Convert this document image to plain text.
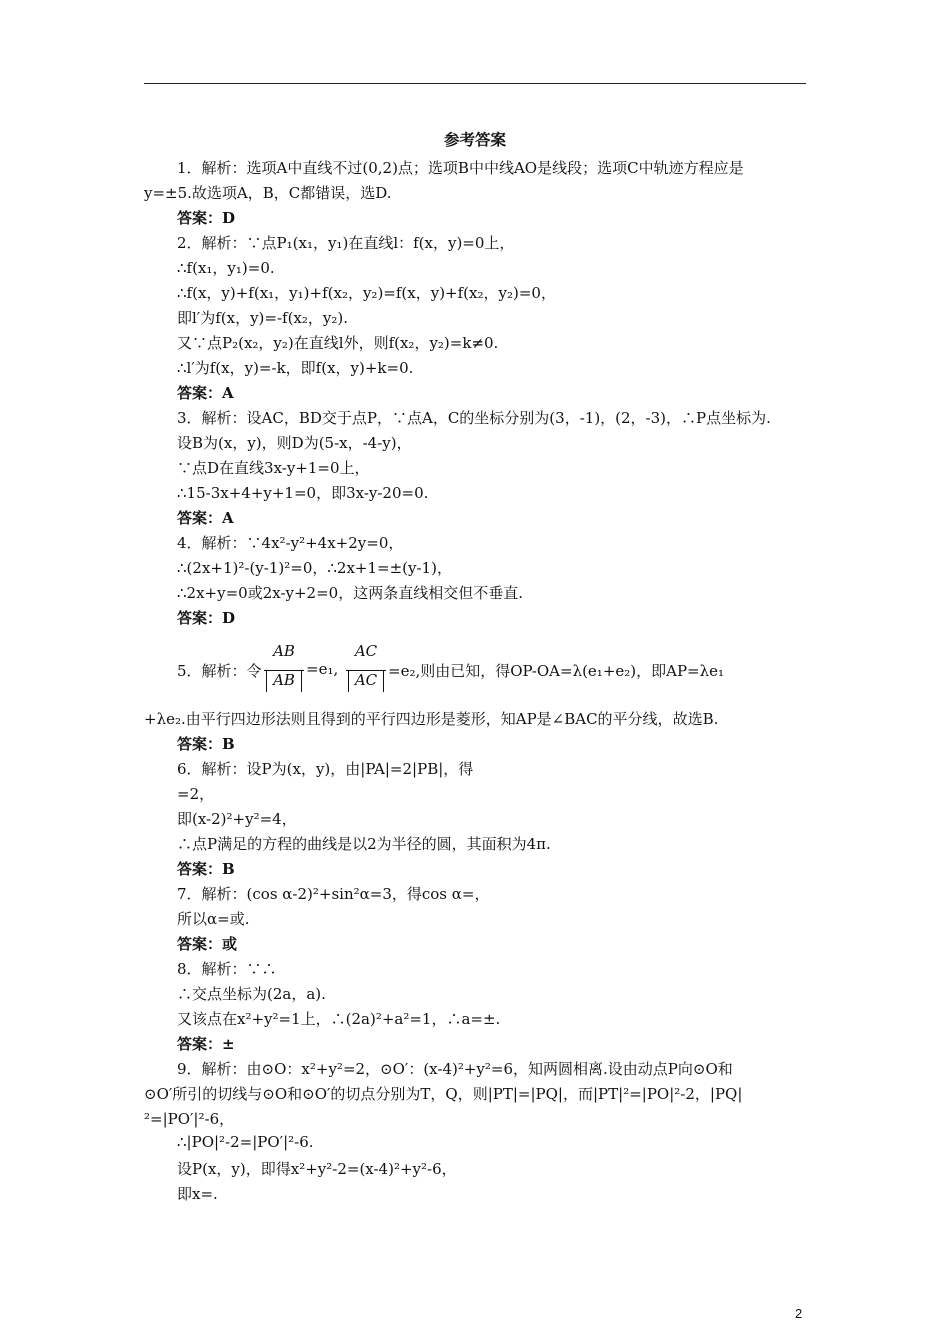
参考答案
1．解析：选项A中直线不过(0,2)点；选项B中中线AO是线段；选项C中轨迹方程应是
y=±5.故选项A，B，C都错误，选D.
答案：D
2．解析：∵点P₁(x₁，y₁)在直线l：f(x，y)=0上，
∴f(x₁，y₁)=0.
∴f(x，y)+f(x₁，y₁)+f(x₂，y₂)=f(x，y)+f(x₂，y₂)=0，
即l′为f(x，y)=-f(x₂，y₂).
又∵点P₂(x₂，y₂)在直线l外，则f(x₂，y₂)=k≠0.
∴l′为f(x，y)=-k，即f(x，y)+k=0.
答案：A
3．解析：设AC，BD交于点P，∵点A，C的坐标分别为(3，-1)，(2，-3)，∴P点坐标为.
设B为(x，y)，则D为(5-x，-4-y)，
∵点D在直线3x-y+1=0上，
∴15-3x+4+y+1=0，即3x-y-20=0.
答案：A
4．解析：∵4x²-y²+4x+2y=0，
∴(2x+1)²-(y-1)²=0，∴2x+1=±(y-1)，
∴2x+y=0或2x-y+2=0，这两条直线相交但不垂直.
答案：D
+λe₂.由平行四边形法则且得到的平行四边形是菱形，知AP是∠BAC的平分线，故选B.
答案：B
6．解析：设P为(x，y)，由|PA|=2|PB|，得
=2，
即(x-2)²+y²=4，
∴点P满足的方程的曲线是以2为半径的圆，其面积为4π.
答案：B
7．解析：(cos α-2)²+sin²α=3，得cos α=，
所以α=或.
答案：或
8．解析：∵∴
∴交点坐标为(2a，a).
又该点在x²+y²=1上，∴(2a)²+a²=1，∴a=±.
答案：±
9．解析：由⊙O：x²+y²=2，⊙O′：(x-4)²+y²=6，知两圆相离.设由动点P向⊙O和
⊙O′所引的切线与⊙O和⊙O′的切点分别为T，Q，则|PT|=|PQ|，而|PT|²=|PO|²-2，|PQ|
²=|PO′|²-6，
∴|PO|²-2=|PO′|²-6.
设P(x，y)，即得x²+y²-2=(x-4)²+y²-6，
即x=.
5．解析：令
$\frac{AB}{AB}$
=e₁,
$\frac{AC}{AC}$
=e₂,则由已知，得OP-OA=λ(e₁+e₂)，即AP=λe₁
2
